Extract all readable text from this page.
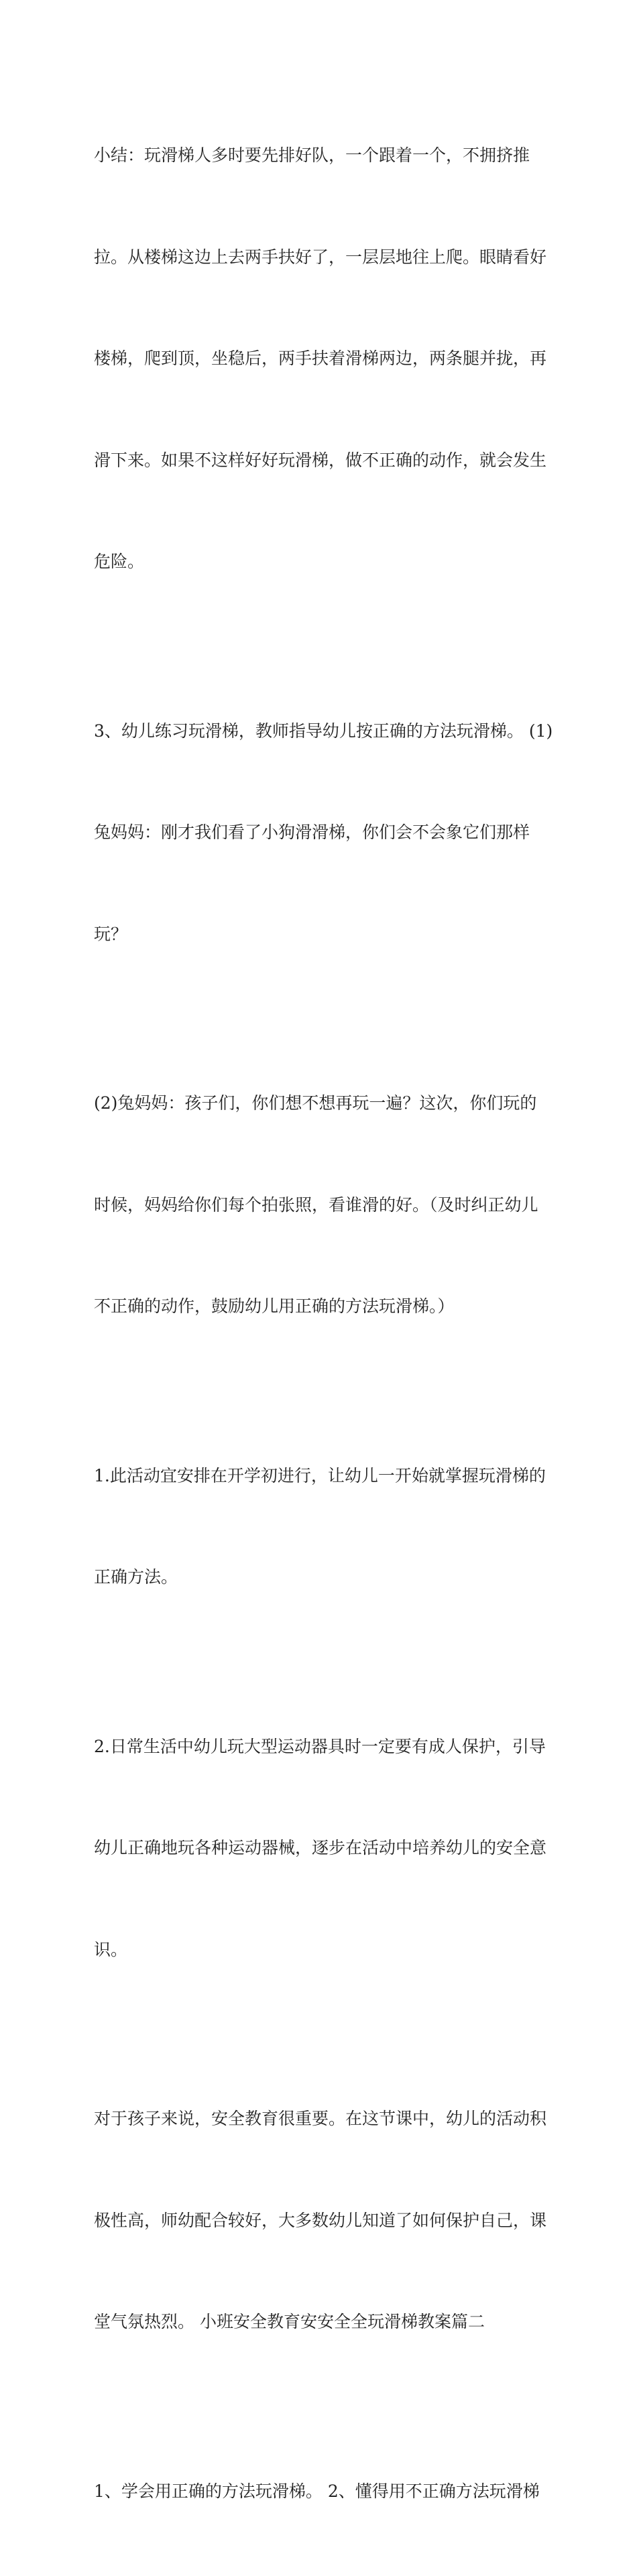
小结：玩滑梯人多时要先排好队，一个跟着一个，不拥挤推

拉。从楼梯这边上去两手扶好了，一层层地往上爬。眼睛看好

楼梯，爬到顶，坐稳后，两手扶着滑梯两边，两条腿并拢，再

滑下来。如果不这样好好玩滑梯，做不正确的动作，就会发生

危险。

3、幼儿练习玩滑梯，教师指导幼儿按正确的方法玩滑梯。 (1)

兔妈妈：刚才我们看了小狗滑滑梯，你们会不会象它们那样

玩？

(2)兔妈妈：孩子们，你们想不想再玩一遍？这次，你们玩的

时候，妈妈给你们每个拍张照，看谁滑的好。（及时纠正幼儿

不正确的动作，鼓励幼儿用正确的方法玩滑梯。）

1.此活动宜安排在开学初进行，让幼儿一开始就掌握玩滑梯的

正确方法。

2.日常生活中幼儿玩大型运动器具时一定要有成人保护，引导

幼儿正确地玩各种运动器械，逐步在活动中培养幼儿的安全意

识。

对于孩子来说，安全教育很重要。在这节课中，幼儿的活动积

极性高，师幼配合较好，大多数幼儿知道了如何保护自己，课

堂气氛热烈。 小班安全教育安安全全玩滑梯教案篇二

1、学会用正确的方法玩滑梯。 2、懂得用不正确方法玩滑梯
